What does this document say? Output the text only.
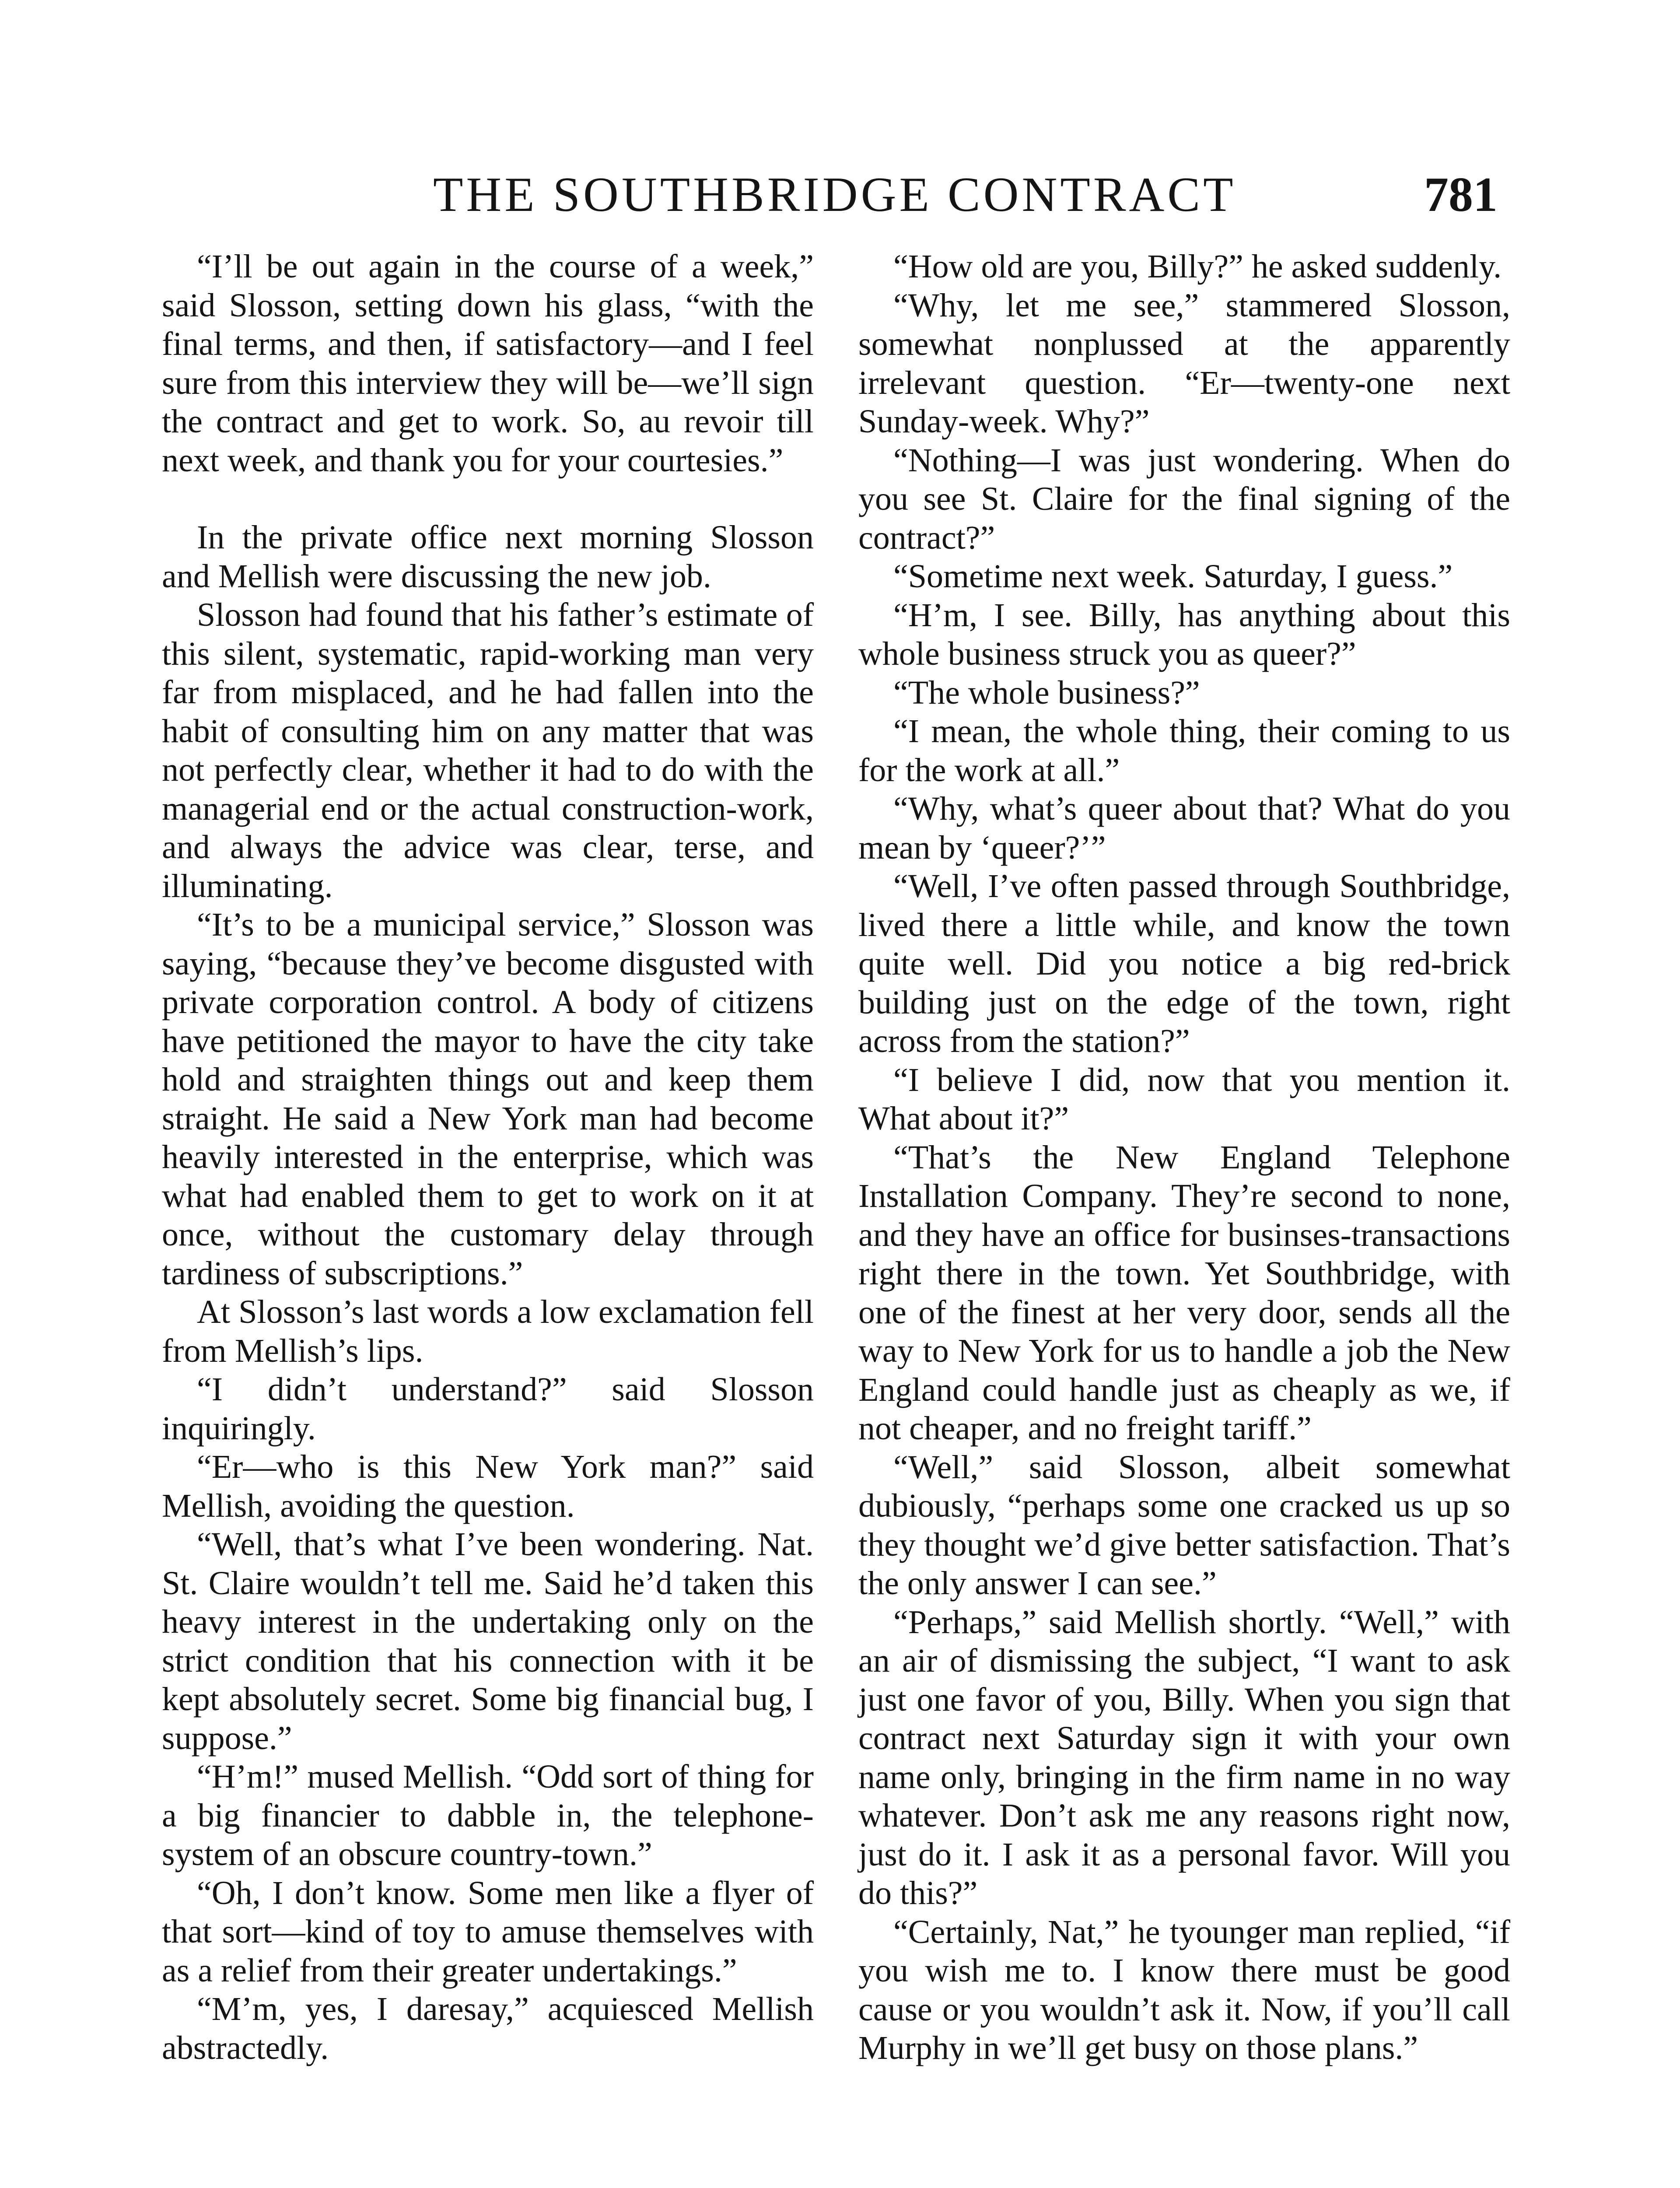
THE SOUTHBRIDGE CONTRACT	781

“I’ll be out again in the course of a week,” said Slosson, setting down his glass, “with the final terms, and then, if satisfactory—and I feel sure from this interview they will be—we’ll sign the contract and get to work. So, au revoir till next week, and thank you for your courtesies.”

In the private office next morning Slosson and Mellish were discussing the new job.

Slosson had found that his father’s estimate of this silent, systematic, rapid-working man very far from misplaced, and he had fallen into the habit of consulting him on any matter that was not perfectly clear, whether it had to do with the managerial end or the actual construction-work, and always the advice was clear, terse, and illuminating.

“It’s to be a municipal service,” Slosson was saying, “because they’ve become disgusted with private corporation control. A body of citizens have petitioned the mayor to have the city take hold and straighten things out and keep them straight. He said a New York man had become heavily interested in the enterprise, which was what had enabled them to get to work on it at once, without the customary delay through tardiness of subscriptions.”

At Slosson’s last words a low exclamation fell from Mellish’s lips.

“I didn’t understand?” said Slosson inquiringly.

“Er—who is this New York man?” said Mellish, avoiding the question.

“Well, that’s what I’ve been wondering. Nat. St. Claire wouldn’t tell me. Said he’d taken this heavy interest in the undertaking only on the strict condition that his connection with it be kept absolutely secret. Some big financial bug, I suppose.”

“H’m!” mused Mellish. “Odd sort of thing for a big financier to dabble in, the telephone-system of an obscure country-town.”

“Oh, I don’t know. Some men like a flyer of that sort—kind of toy to amuse themselves with as a relief from their greater undertakings.”

“M’m, yes, I daresay,” acquiesced Mellish abstractedly.

“How old are you, Billy?” he asked suddenly.

“Why, let me see,” stammered Slosson, somewhat nonplussed at the apparently irrelevant question. “Er—twenty-one next Sunday-week. Why?”

“Nothing—I was just wondering. When do you see St. Claire for the final signing of the contract?”

“Sometime next week. Saturday, I guess.”

“H’m, I see. Billy, has anything about this whole business struck you as queer?”

“The whole business?”

“I mean, the whole thing, their coming to us for the work at all.”

“Why, what’s queer about that? What do you mean by ‘queer?’”

“Well, I’ve often passed through Southbridge, lived there a little while, and know the town quite well. Did you notice a big red-brick building just on the edge of the town, right across from the station?”

“I believe I did, now that you mention it. What about it?”

“That’s the New England Telephone Installation Company. They’re second to none, and they have an office for businses-transactions right there in the town. Yet Southbridge, with one of the finest at her very door, sends all the way to New York for us to handle a job the New England could handle just as cheaply as we, if not cheaper, and no freight tariff.”

“Well,” said Slosson, albeit somewhat dubiously, “perhaps some one cracked us up so they thought we’d give better satisfaction. That’s the only answer I can see.”

“Perhaps,” said Mellish shortly. “Well,” with an air of dismissing the subject, “I want to ask just one favor of you, Billy. When you sign that contract next Saturday sign it with your own name only, bringing in the firm name in no way whatever. Don’t ask me any reasons right now, just do it. I ask it as a personal favor. Will you do this?”

“Certainly, Nat,” he tyounger man replied, “if you wish me to. I know there must be good cause or you wouldn’t ask it. Now, if you’ll call Murphy in we’ll get busy on those plans.”
